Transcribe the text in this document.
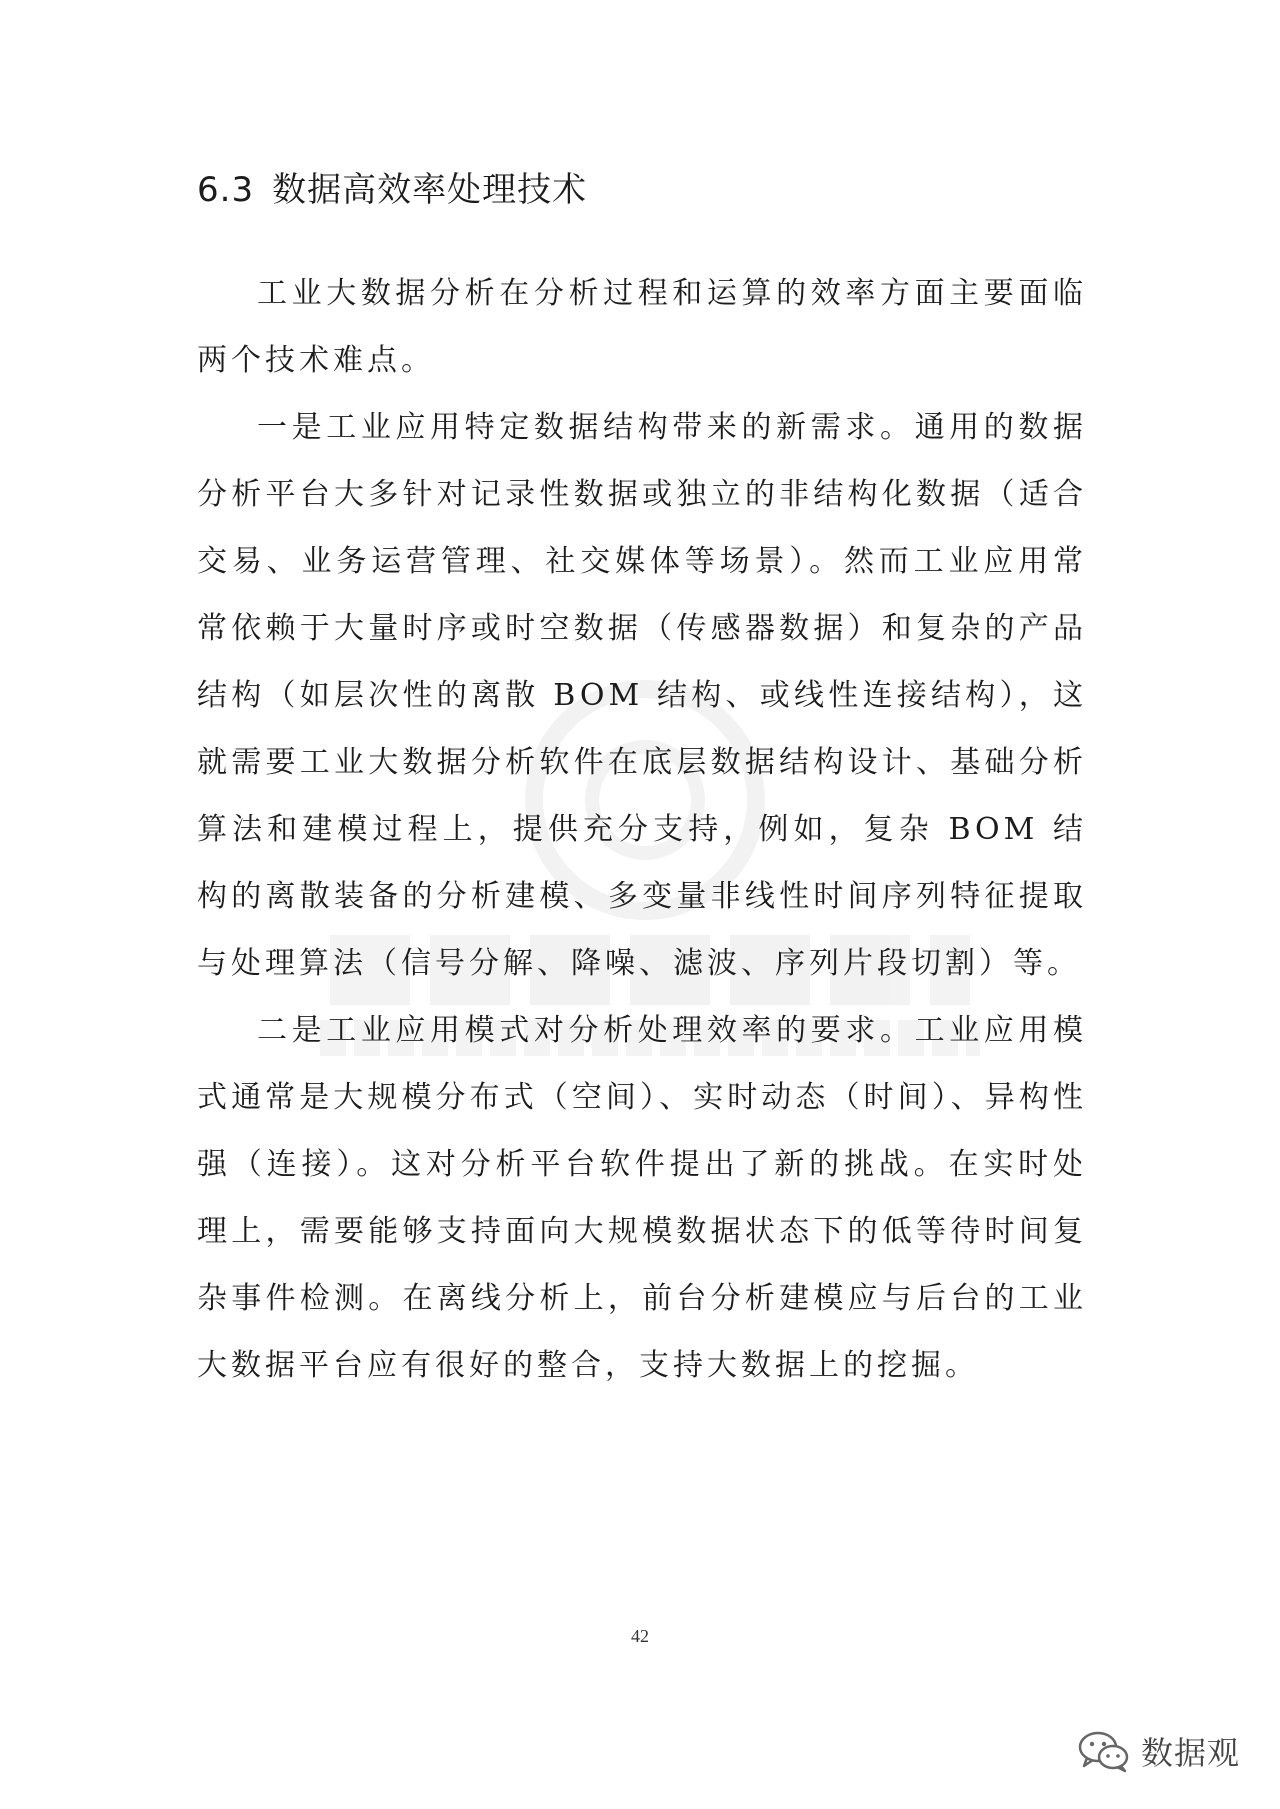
6.3 数据高效率处理技术

工业大数据分析在分析过程和运算的效率方面主要面临两个技术难点。

一是工业应用特定数据结构带来的新需求。通用的数据分析平台大多针对记录性数据或独立的非结构化数据（适合交易、业务运营管理、社交媒体等场景）。然而工业应用常常依赖于大量时序或时空数据（传感器数据）和复杂的产品结构（如层次性的离散 BOM 结构、或线性连接结构），这就需要工业大数据分析软件在底层数据结构设计、基础分析算法和建模过程上，提供充分支持，例如，复杂 BOM 结构的离散装备的分析建模、多变量非线性时间序列特征提取与处理算法（信号分解、降噪、滤波、序列片段切割）等。

二是工业应用模式对分析处理效率的要求。工业应用模式通常是大规模分布式（空间）、实时动态（时间）、异构性强（连接）。这对分析平台软件提出了新的挑战。在实时处理上，需要能够支持面向大规模数据状态下的低等待时间复杂事件检测。在离线分析上，前台分析建模应与后台的工业大数据平台应有很好的整合，支持大数据上的挖掘。

42
数据观
